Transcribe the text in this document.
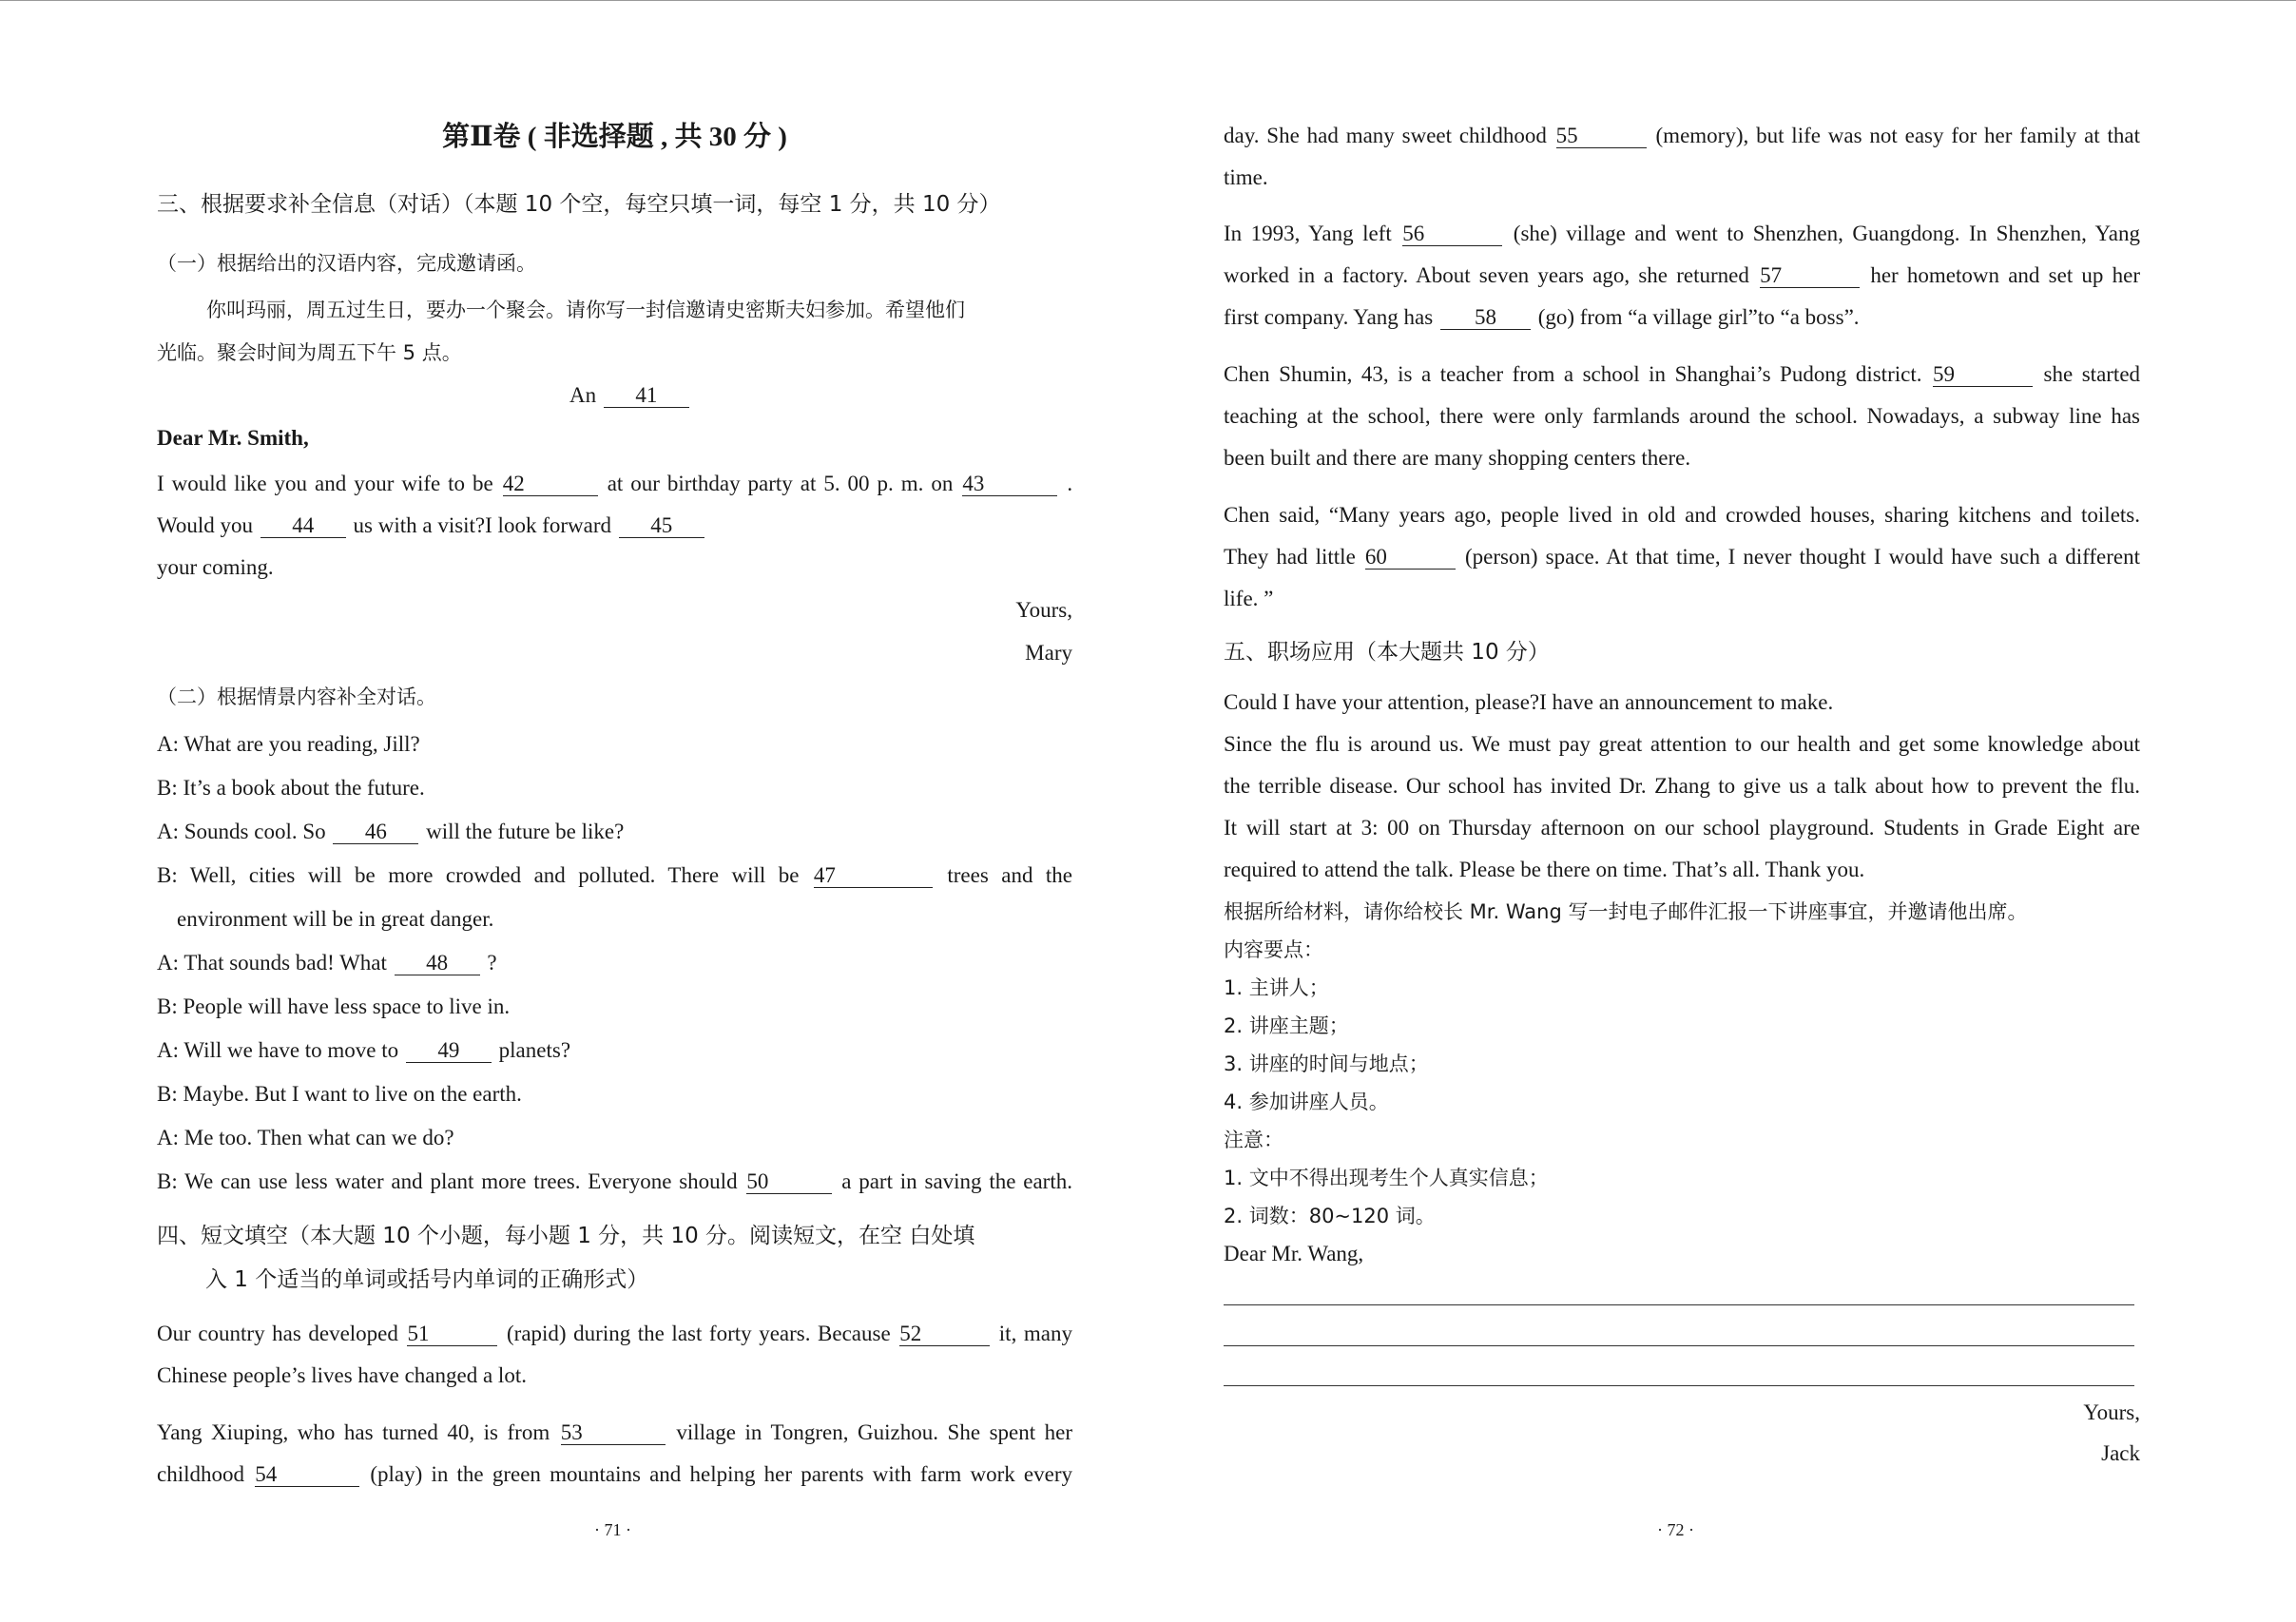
第Ⅱ卷 ( 非选择题 , 共 30 分 )
三、根据要求补全信息（对话）（本题 10 个空，每空只填一词，每空 1 分，共 10 分）
（一）根据给出的汉语内容，完成邀请函。
你叫玛丽，周五过生日，要办一个聚会。请你写一封信邀请史密斯夫妇参加。希望他们
光临。聚会时间为周五下午 5 点。
An 41
Dear Mr. Smith,
I would like you and your wife to be 42	at our birthday party at 5. 00 p. m. on 43	.
Would you 44 us with a visit?I look forward 45
your coming.
Yours,
Mary
（二）根据情景内容补全对话。
A: What are you reading, Jill?
B: It’s a book about the future.
A: Sounds cool. So 46 will the future be like?
B: Well, cities will be more crowded and polluted. There will be 47	trees and the
environment will be in great danger.
A: That sounds bad! What 48 ?
B: People will have less space to live in.
A: Will we have to move to 49 planets?
B: Maybe. But I want to live on the earth.
A: Me too. Then what can we do?
B: We can use less water and plant more trees. Everyone should 50	a part in saving the earth.
四、短文填空（本大题 10 个小题，每小题 1 分，共 10 分。阅读短文，在空 白处填
入 1 个适当的单词或括号内单词的正确形式）
Our country has developed 51	(rapid) during the last forty years. Because 52	it, many
Chinese people’s lives have changed a lot.
Yang Xiuping, who has turned 40, is from 53	village in Tongren, Guizhou. She spent her
childhood 54	(play) in the green mountains and helping her parents with farm work every
· 71 ·
day. She had many sweet childhood 55	(memory), but life was not easy for her family at that
time.
In 1993, Yang left 56	(she) village and went to Shenzhen, Guangdong. In Shenzhen, Yang
worked in a factory. About seven years ago, she returned 57	her hometown and set up her
first company. Yang has 58 (go) from “a village girl”to “a boss”.
Chen Shumin, 43, is a teacher from a school in Shanghai’s Pudong district. 59	she started
teaching at the school, there were only farmlands around the school. Nowadays, a subway line has
been built and there are many shopping centers there.
Chen said, “Many years ago, people lived in old and crowded houses, sharing kitchens and toilets.
They had little 60	(person) space. At that time, I never thought I would have such a different
life. ”
五、职场应用（本大题共 10 分）
Could I have your attention, please?I have an announcement to make.
Since the flu is around us. We must pay great attention to our health and get some knowledge about
the terrible disease. Our school has invited Dr. Zhang to give us a talk about how to prevent the flu.
It will start at 3: 00 on Thursday afternoon on our school playground. Students in Grade Eight are
required to attend the talk. Please be there on time. That’s all. Thank you.
根据所给材料，请你给校长 Mr. Wang 写一封电子邮件汇报一下讲座事宜，并邀请他出席。
内容要点：
1. 主讲人；
2. 讲座主题；
3. 讲座的时间与地点；
4. 参加讲座人员。
注意：
1. 文中不得出现考生个人真实信息；
2. 词数：80~120 词。
Dear Mr. Wang,
Yours,
Jack
· 72 ·
